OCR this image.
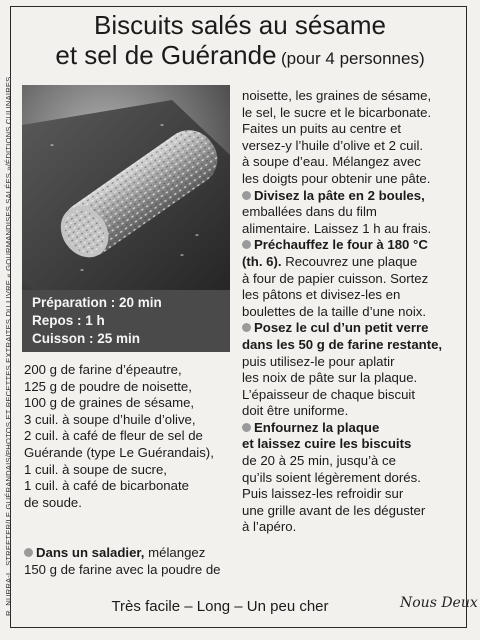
R. NURRA-L. STREETER/LE GUÉRANDAIS/PHOTOS ET RECETTES EXTRAITES DU LIVRE « GOURMANDISES SALÉES »/ÉDITIONS CULINAIRES
Biscuits salés au sésame
et sel de Guérande (pour 4 personnes)
Préparation : 20 min
Repos : 1 h
Cuisson : 25 min

200 g de farine d’épeautre,

125 g de poudre de noisette,

100 g de graines de sésame,

3 cuil. à soupe d’huile d’olive,

2 cuil. à café de fleur de sel de

Guérande (type Le Guérandais),

1 cuil. à soupe de sucre,

1 cuil. à café de bicarbonate

de soude.

Dans un saladier, mélangez

150 g de farine avec la poudre de

noisette, les graines de sésame,

le sel, le sucre et le bicarbonate.

Faites un puits au centre et

versez-y l’huile d’olive et 2 cuil.

à soupe d’eau. Mélangez avec

les doigts pour obtenir une pâte.

Divisez la pâte en 2 boules,

emballées dans du film

alimentaire. Laissez 1 h au frais.

Préchauffez le four à 180 °C

(th. 6). Recouvrez une plaque

à four de papier cuisson. Sortez

les pâtons et divisez-les en

boulettes de la taille d’une noix.

Posez le cul d’un petit verre

dans les 50 g de farine restante,

puis utilisez-le pour aplatir

les noix de pâte sur la plaque.

L’épaisseur de chaque biscuit

doit être uniforme.

Enfournez la plaque

et laissez cuire les biscuits

de 20 à 25 min, jusqu’à ce

qu’ils soient légèrement dorés.

Puis laissez-les refroidir sur

une grille avant de les déguster

à l’apéro.

Très facile – Long – Un peu cher	Nous Deux
